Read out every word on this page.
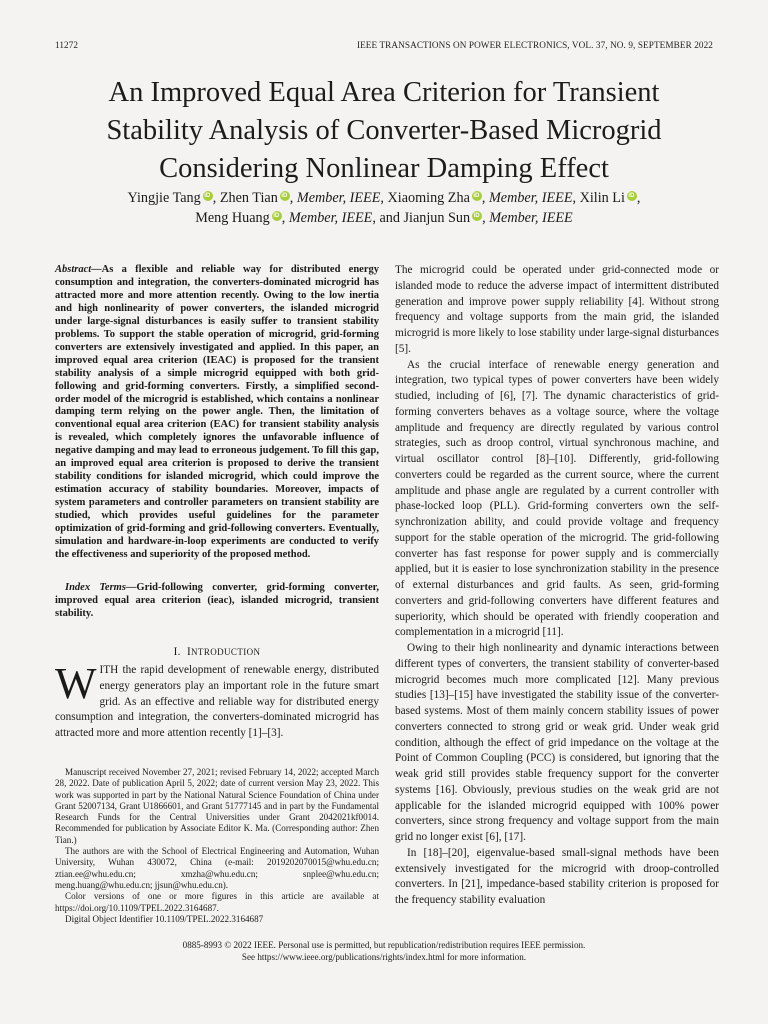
11272	IEEE TRANSACTIONS ON POWER ELECTRONICS, VOL. 37, NO. 9, SEPTEMBER 2022
An Improved Equal Area Criterion for Transient Stability Analysis of Converter-Based Microgrid Considering Nonlinear Damping Effect
Yingjie Tang iD , Zhen Tian iD , Member, IEEE, Xiaoming Zha iD , Member, IEEE, Xilin Li iD ,
Meng Huang iD , Member, IEEE, and Jianjun Sun iD , Member, IEEE

Abstract—As a flexible and reliable way for distributed energy consumption and integration, the converters-dominated microgrid has attracted more and more attention recently. Owing to the low inertia and high nonlinearity of power converters, the islanded microgrid under large-signal disturbances is easily suffer to transient stability problems. To support the stable operation of microgrid, grid-forming converters are extensively investigated and applied. In this paper, an improved equal area criterion (IEAC) is proposed for the transient stability analysis of a simple microgrid equipped with both grid-following and grid-forming converters. Firstly, a simplified second-order model of the microgrid is established, which contains a nonlinear damping term relying on the power angle. Then, the limitation of conventional equal area criterion (EAC) for transient stability analysis is revealed, which completely ignores the unfavorable influence of negative damping and may lead to erroneous judgement. To fill this gap, an improved equal area criterion is proposed to derive the transient stability conditions for islanded microgrid, which could improve the estimation accuracy of stability boundaries. Moreover, impacts of system parameters and controller parameters on transient stability are studied, which provides useful guidelines for the parameter optimization of grid-forming and grid-following converters. Eventually, simulation and hardware-in-loop experiments are conducted to verify the effectiveness and superiority of the proposed method.

Index Terms—Grid-following converter, grid-forming converter, improved equal area criterion (ieac), islanded microgrid, transient stability.

I. INTRODUCTION

WITH the rapid development of renewable energy, distributed energy generators play an important role in the future smart grid. As an effective and reliable way for distributed energy consumption and integration, the converters-dominated microgrid has attracted more and more attention recently [1]–[3].

Manuscript received November 27, 2021; revised February 14, 2022; accepted March 28, 2022. Date of publication April 5, 2022; date of current version May 23, 2022. This work was supported in part by the National Natural Science Foundation of China under Grant 52007134, Grant U1866601, and Grant 51777145 and in part by the Fundamental Research Funds for the Central Universities under Grant 2042021kf0014. Recommended for publication by Associate Editor K. Ma. (Corresponding author: Zhen Tian.)

The authors are with the School of Electrical Engineering and Automation, Wuhan University, Wuhan 430072, China (e-mail: 2019202070015@whu.edu.cn; ztian.ee@whu.edu.cn; xmzha@whu.edu.cn; snplee@whu.edu.cn; meng.huang@whu.edu.cn; jjsun@whu.edu.cn).

Color versions of one or more figures in this article are available at https://doi.org/10.1109/TPEL.2022.3164687.

Digital Object Identifier 10.1109/TPEL.2022.3164687

The microgrid could be operated under grid-connected mode or islanded mode to reduce the adverse impact of intermittent distributed generation and improve power supply reliability [4]. Without strong frequency and voltage supports from the main grid, the islanded microgrid is more likely to lose stability under large-signal disturbances [5].

As the crucial interface of renewable energy generation and integration, two typical types of power converters have been widely studied, including of [6], [7]. The dynamic characteristics of grid-forming converters behaves as a voltage source, where the voltage amplitude and frequency are directly regulated by various control strategies, such as droop control, virtual synchronous machine, and virtual oscillator control [8]–[10]. Differently, grid-following converters could be regarded as the current source, where the current amplitude and phase angle are regulated by a current controller with phase-locked loop (PLL). Grid-forming converters own the self-synchronization ability, and could provide voltage and frequency support for the stable operation of the microgrid. The grid-following converter has fast response for power supply and is commercially applied, but it is easier to lose synchronization stability in the presence of external disturbances and grid faults. As seen, grid-forming converters and grid-following converters have different features and superiority, which should be operated with friendly cooperation and complementation in a microgrid [11].

Owing to their high nonlinearity and dynamic interactions between different types of converters, the transient stability of converter-based microgrid becomes much more complicated [12]. Many previous studies [13]–[15] have investigated the stability issue of the converter-based systems. Most of them mainly concern stability issues of power converters connected to strong grid or weak grid. Under weak grid condition, although the effect of grid impedance on the voltage at the Point of Common Coupling (PCC) is considered, but ignoring that the weak grid still provides stable frequency support for the converter systems [16]. Obviously, previous studies on the weak grid are not applicable for the islanded microgrid equipped with 100% power converters, since strong frequency and voltage support from the main grid no longer exist [6], [17].

In [18]–[20], eigenvalue-based small-signal methods have been extensively investigated for the microgrid with droop-controlled converters. In [21], impedance-based stability criterion is proposed for the frequency stability evaluation

0885-8993 © 2022 IEEE. Personal use is permitted, but republication/redistribution requires IEEE permission.
See https://www.ieee.org/publications/rights/index.html for more information.
